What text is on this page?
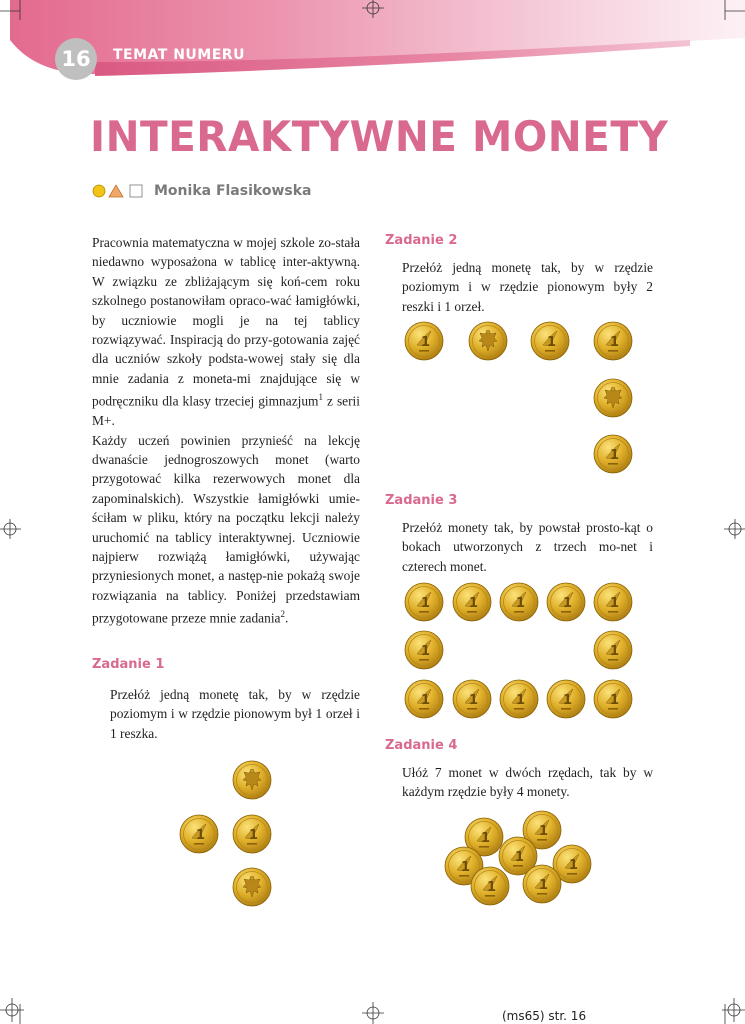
16	TEMAT NUMERU
INTERAKTYWNE MONETY
Monika Flasikowska

Pracownia matematyczna w mojej szkole zo-stała niedawno wyposażona w tablicę inter-aktywną. W związku ze zbliżającym się koń-cem roku szkolnego postanowiłam opraco-wać łamigłówki, by uczniowie mogli je na tej tablicy rozwiązywać. Inspiracją do przy-gotowania zajęć dla uczniów szkoły podsta-wowej stały się dla mnie zadania z moneta-mi znajdujące się w podręczniku dla klasy trzeciej gimnazjum$^1$ z serii M+.

Każdy uczeń powinien przynieść na lekcję dwanaście jednogroszowych monet (warto przygotować kilka rezerwowych monet dla zapominalskich). Wszystkie łamigłówki umie-ściłam w pliku, który na początku lekcji należy uruchomić na tablicy interaktywnej. Uczniowie najpierw rozwiążą łamigłówki, używając przyniesionych monet, a następ-nie pokażą swoje rozwiązania na tablicy. Poniżej przedstawiam przygotowane przeze mnie zadania$^2$.

Zadanie 1

Przełóż jedną monetę tak, by w rzędzie poziomym i w rzędzie pionowym był 1 orzeł i 1 reszka.

Zadanie 2

Przełóż jedną monetę tak, by w rzędzie poziomym i w rzędzie pionowym były 2 reszki i 1 orzeł.

Zadanie 3

Przełóż monety tak, by powstał prosto-kąt o bokach utworzonych z trzech mo-net i czterech monet.

Zadanie 4

Ułóż 7 monet w dwóch rzędach, tak by w każdym rzędzie były 4 monety.

1	1
1	1	1
1
1	1	1	1	1
1	1
1	1	1	1	1
1	1
1
1
1
1	1
(ms65) str. 16
